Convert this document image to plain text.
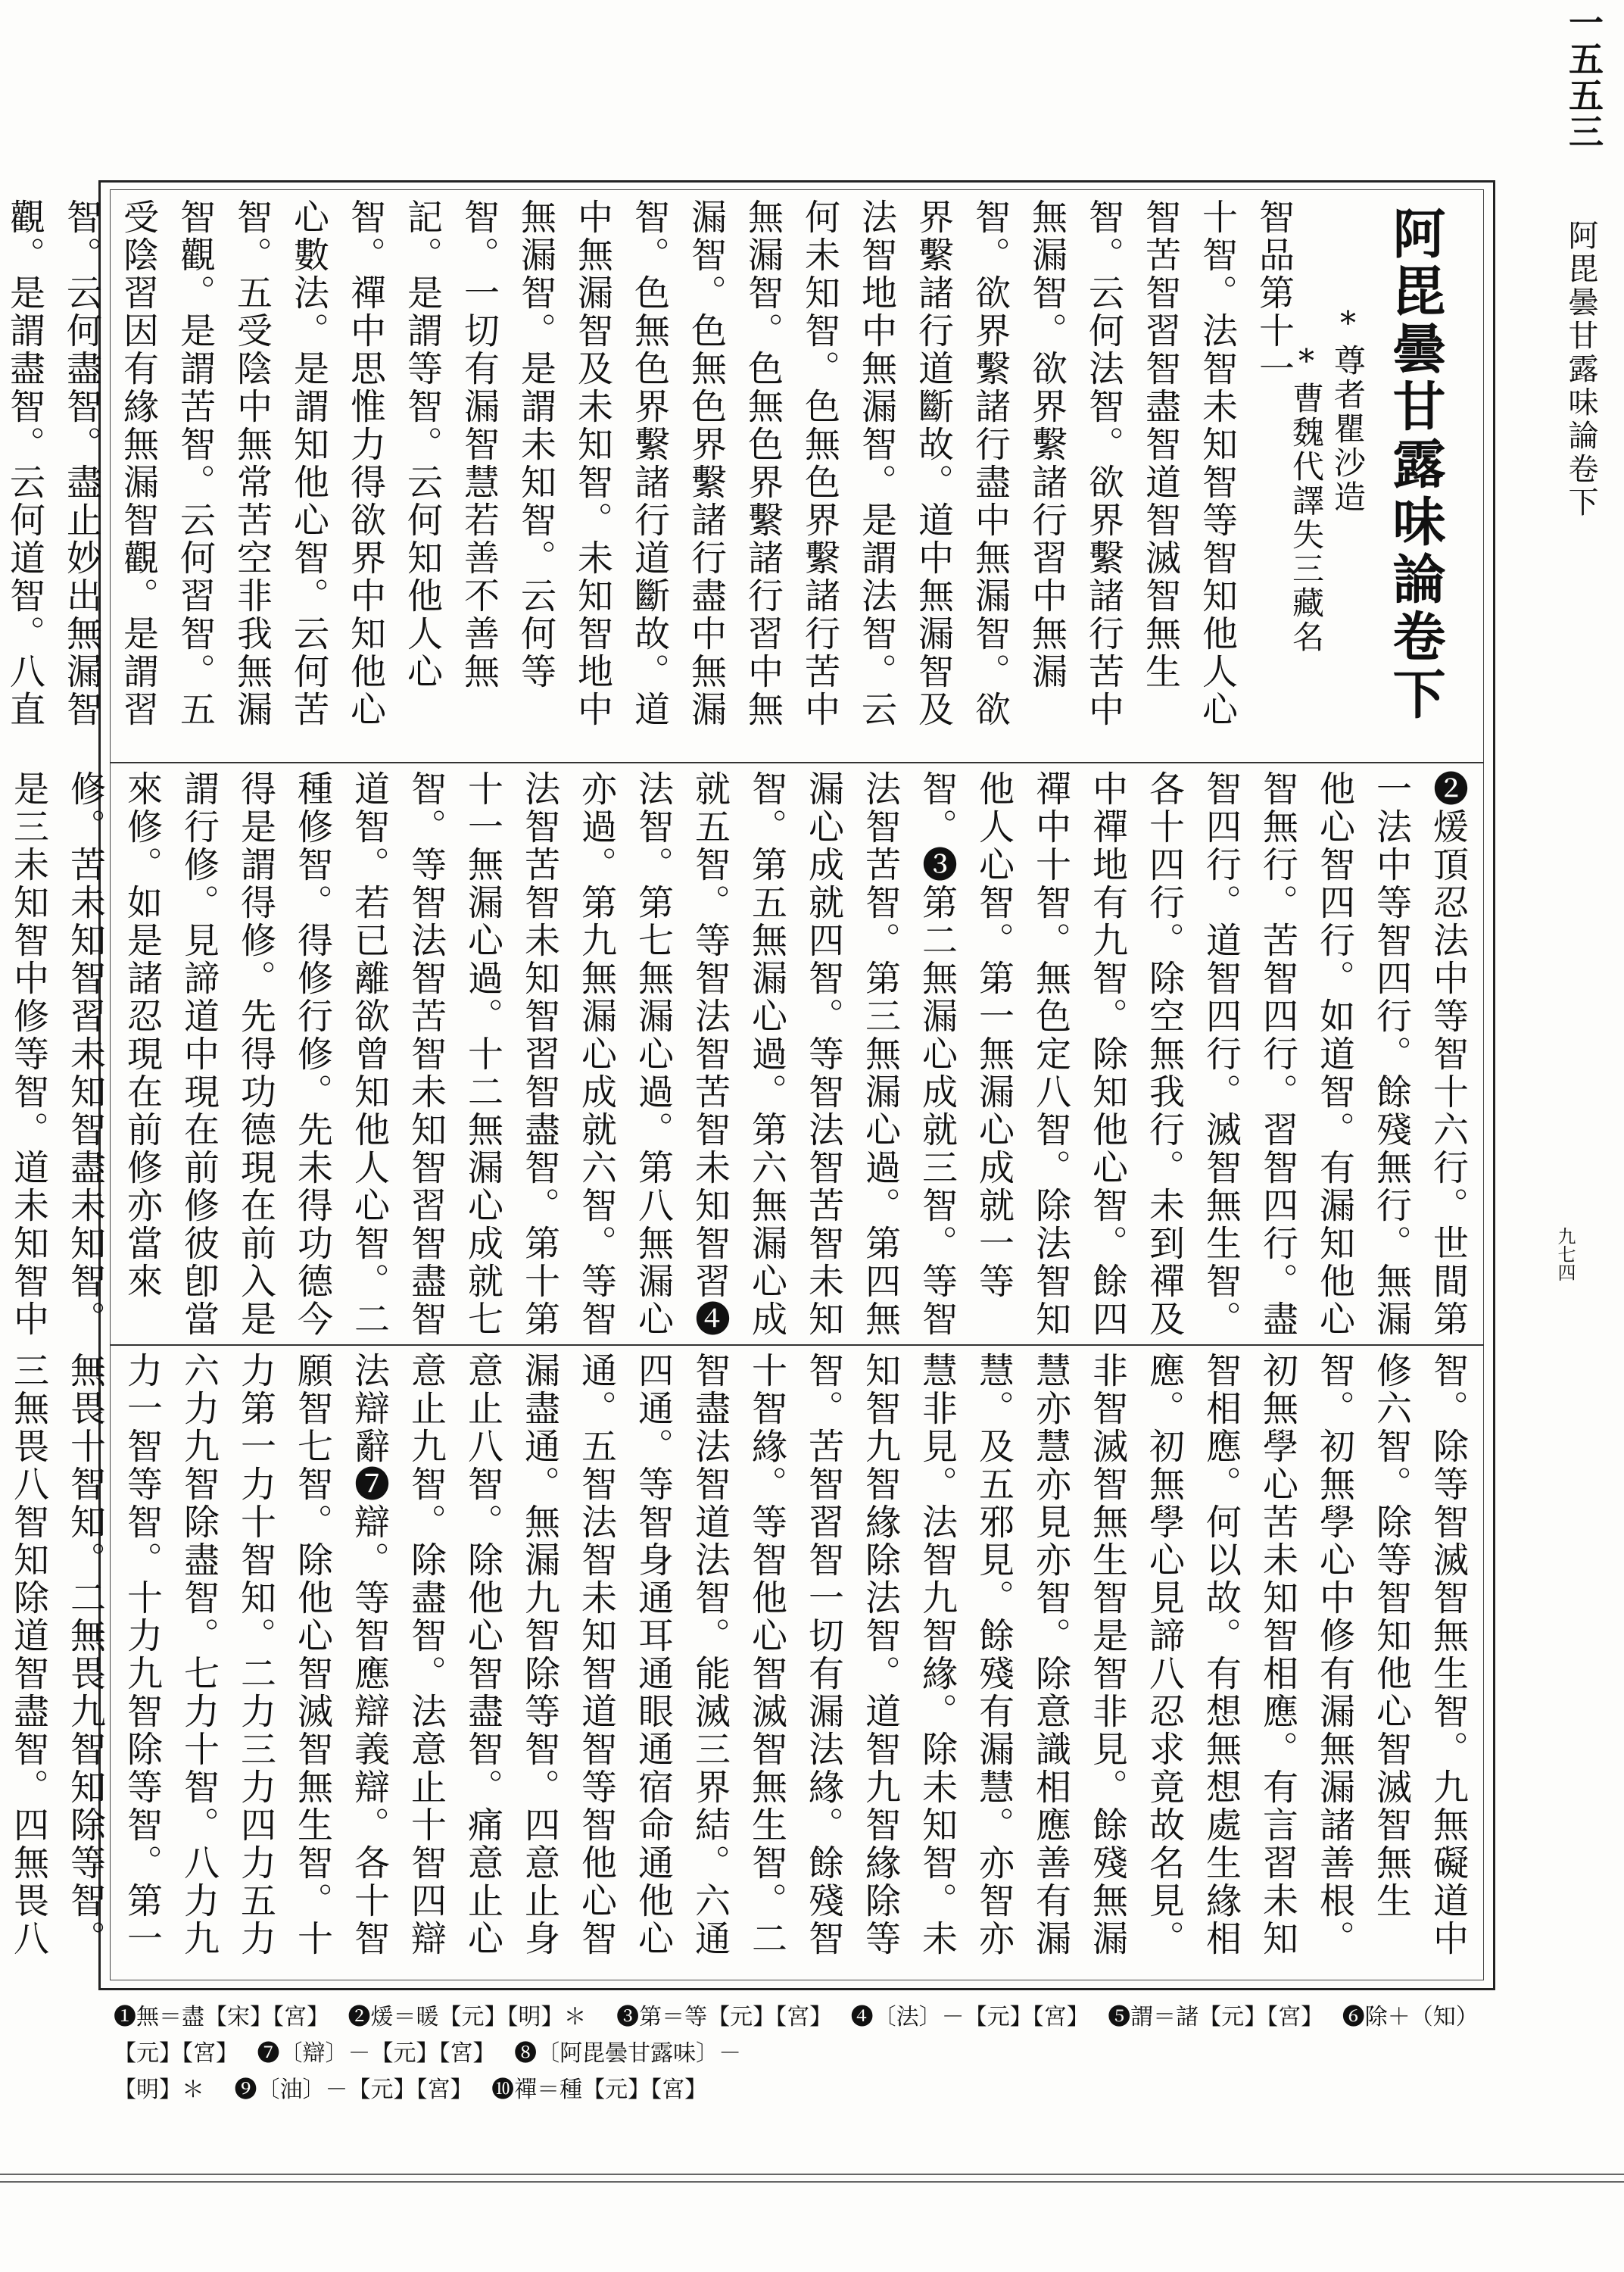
一五五三
阿毘曇甘露味論卷下
九七四
阿毘曇甘露味論卷下
*尊者瞿沙造
*曹魏代譯失三藏名

智品第十一

十智。法智未知智等智知他人心智苦智習智盡智道智滅智無生智。云何法智。欲界繫諸行苦中無漏智。欲界繫諸行習中無漏智。欲界繫諸行盡中無漏智。欲界繫諸行道斷故。道中無漏智及法智地中無漏智。是謂法智。云何未知智。色無色界繫諸行苦中無漏智。色無色界繫諸行習中無漏智。色無色界繫諸行盡中無漏智。色無色界繫諸行道斷故。道中無漏智及未知智。未知智地中無漏智。是謂未知智。云何等智。一切有漏智慧若善不善無記。是謂等智。云何知他人心智。禪中思惟力得欲界中知他心心數法。是謂知他心智。云何苦智。五受陰中無常苦空非我無漏智觀。是謂苦智。云何習智。五受陰習因有緣無漏智觀。是謂習智。云何盡智。盡止妙出無漏智觀。是謂盡智。云何道智。八直

❷煖頂忍法中等智十六行。世間第一法中等智四行。餘殘無行。無漏他心智四行。如道智。有漏知他心智無行。苦智四行。習智四行。盡智四行。道智四行。滅智無生智。各十四行。除空無我行。未到禪及中禪地有九智。除知他心智。餘四禪中十智。無色定八智。除法智知他人心智。第一無漏心成就一等智。❸第二無漏心成就三智。等智法智苦智。第三無漏心過。第四無漏心成就四智。等智法智苦智未知智。第五無漏心過。第六無漏心成就五智。等智法智苦智未知智習❹法智。第七無漏心過。第八無漏心亦過。第九無漏心成就六智。等智法智苦智未知智習智盡智。第十第十一無漏心過。十二無漏心成就七智。等智法智苦智未知智習智盡智道智。若已離欲曾知他人心智。二種修智。得修行修。先未得功德今得是謂得修。先得功德現在前入是謂行修。見諦道中現在前修彼卽當來修。如是諸忍現在前修亦當來修。苦未知智習未知智盡未知智。是三未知智中修等智。道未知智中

智。除等智滅智無生智。九無礙道中修六智。除等智知他心智滅智無生智。初無學心中修有漏無漏諸善根。初無學心苦未知智相應。有言習未知智相應。何以故。有想無想處生緣相應。初無學心見諦八忍求竟故名見。非智滅智無生智是智非見。餘殘無漏慧亦慧亦見亦智。除意識相應善有漏慧。及五邪見。餘殘有漏慧。亦智亦慧非見。法智九智緣。除未知智。未知智九智緣除法智。道智九智緣除等智。苦智習智一切有漏法緣。餘殘智十智緣。等智他心智滅智無生智。二智盡法智道法智。能滅三界結。六通四通。等智身通耳通眼通宿命通他心通。五智法智未知智道智等智他心智漏盡通。無漏九智除等智。四意止身意止八智。除他心智盡智。痛意止心意止九智。除盡智。法意止十智四辯法辯辭❼辯。等智應辯義辯。各十智願智七智。除他心智滅智無生智。十力第一力十智知。二力三力四力五力六力九智除盡智。七力十智。八力九力一智等智。十力九智除等智。第一無畏十智知。二無畏九智知除等智。三無畏八智知除道智盡智。四無畏八

❶無＝盡【宋】【宮】　 ❷煖＝暖【元】【明】＊　 ❸第＝等【元】【宮】　 ❹〔法〕－【元】【宮】　 ❺謂＝諸【元】【宮】　 ❻除＋（知）【元】【宮】　 ❼〔辯〕－【元】【宮】　 ❽〔阿毘曇甘露味〕－
【明】＊　 ❾〔油〕－【元】【宮】　 ❿禪＝種【元】【宮】
